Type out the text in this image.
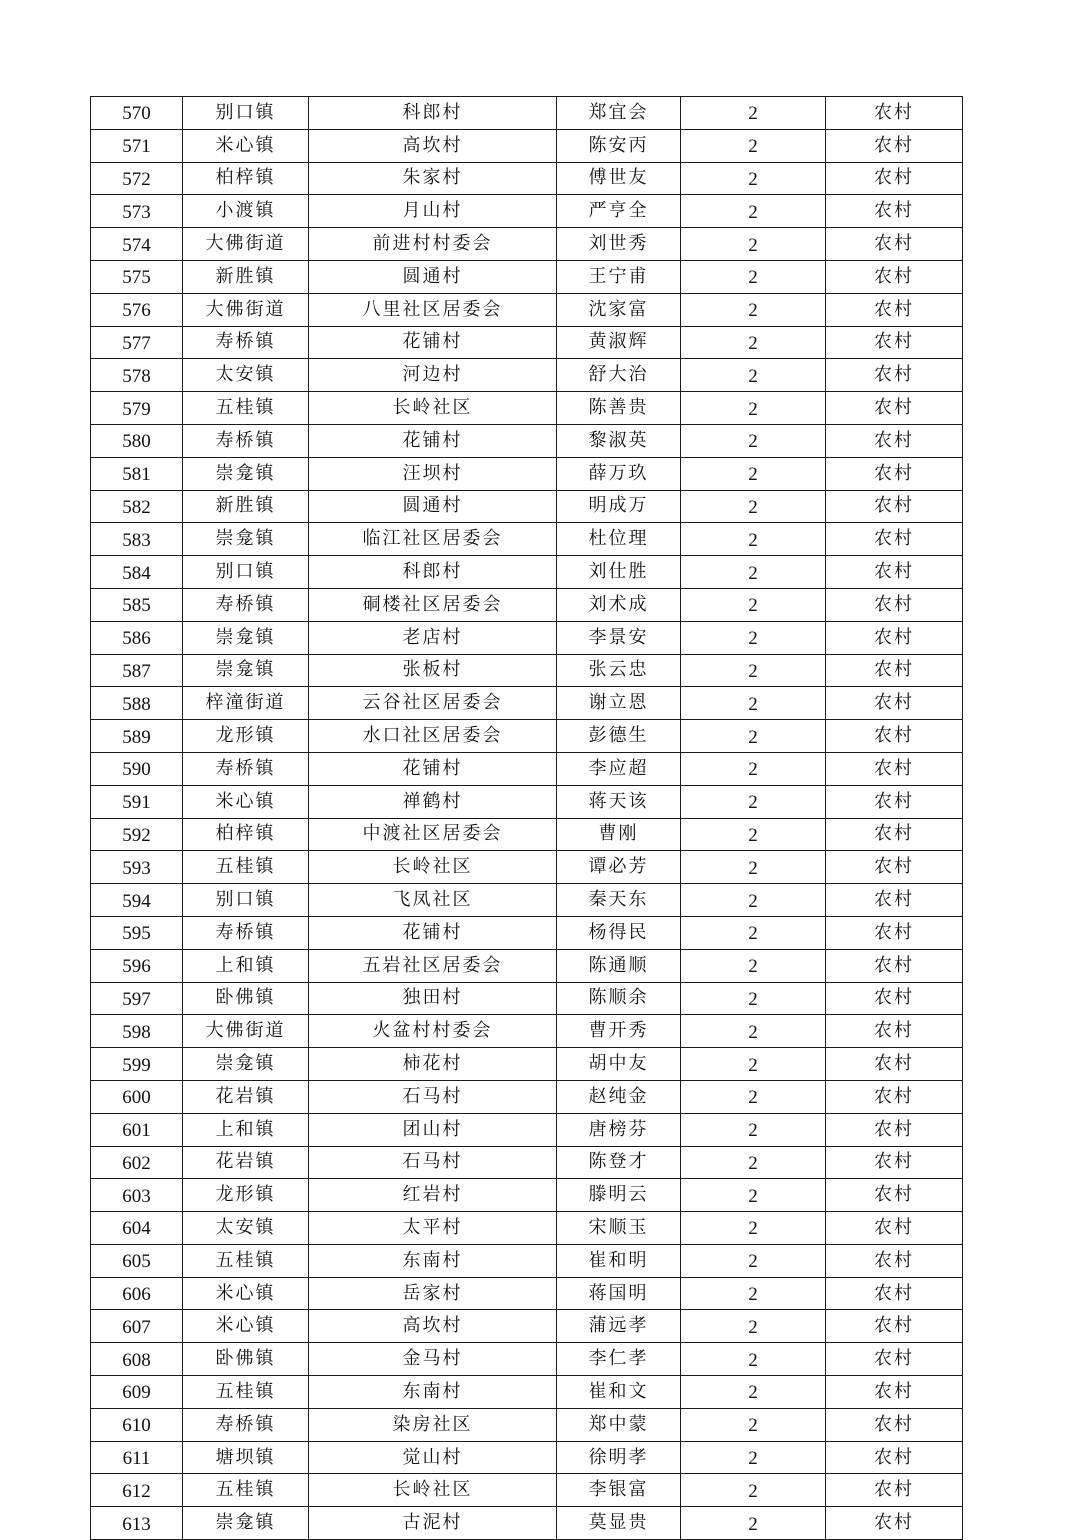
570	别口镇	科郎村	郑宜会	2	农村
571	米心镇	高坎村	陈安丙	2	农村
572	柏梓镇	朱家村	傅世友	2	农村
573	小渡镇	月山村	严亨全	2	农村
574	大佛街道	前进村村委会	刘世秀	2	农村
575	新胜镇	圆通村	王宁甫	2	农村
576	大佛街道	八里社区居委会	沈家富	2	农村
577	寿桥镇	花铺村	黄淑辉	2	农村
578	太安镇	河边村	舒大治	2	农村
579	五桂镇	长岭社区	陈善贵	2	农村
580	寿桥镇	花铺村	黎淑英	2	农村
581	崇龛镇	汪坝村	薛万玖	2	农村
582	新胜镇	圆通村	明成万	2	农村
583	崇龛镇	临江社区居委会	杜位理	2	农村
584	别口镇	科郎村	刘仕胜	2	农村
585	寿桥镇	硐楼社区居委会	刘术成	2	农村
586	崇龛镇	老店村	李景安	2	农村
587	崇龛镇	张板村	张云忠	2	农村
588	梓潼街道	云谷社区居委会	谢立恩	2	农村
589	龙形镇	水口社区居委会	彭德生	2	农村
590	寿桥镇	花铺村	李应超	2	农村
591	米心镇	禅鹤村	蒋天该	2	农村
592	柏梓镇	中渡社区居委会	曹刚	2	农村
593	五桂镇	长岭社区	谭必芳	2	农村
594	别口镇	飞凤社区	秦天东	2	农村
595	寿桥镇	花铺村	杨得民	2	农村
596	上和镇	五岩社区居委会	陈通顺	2	农村
597	卧佛镇	独田村	陈顺余	2	农村
598	大佛街道	火盆村村委会	曹开秀	2	农村
599	崇龛镇	柿花村	胡中友	2	农村
600	花岩镇	石马村	赵纯金	2	农村
601	上和镇	团山村	唐榜芬	2	农村
602	花岩镇	石马村	陈登才	2	农村
603	龙形镇	红岩村	滕明云	2	农村
604	太安镇	太平村	宋顺玉	2	农村
605	五桂镇	东南村	崔和明	2	农村
606	米心镇	岳家村	蒋国明	2	农村
607	米心镇	高坎村	蒲远孝	2	农村
608	卧佛镇	金马村	李仁孝	2	农村
609	五桂镇	东南村	崔和文	2	农村
610	寿桥镇	染房社区	郑中蒙	2	农村
611	塘坝镇	觉山村	徐明孝	2	农村
612	五桂镇	长岭社区	李银富	2	农村
613	崇龛镇	古泥村	莫显贵	2	农村
